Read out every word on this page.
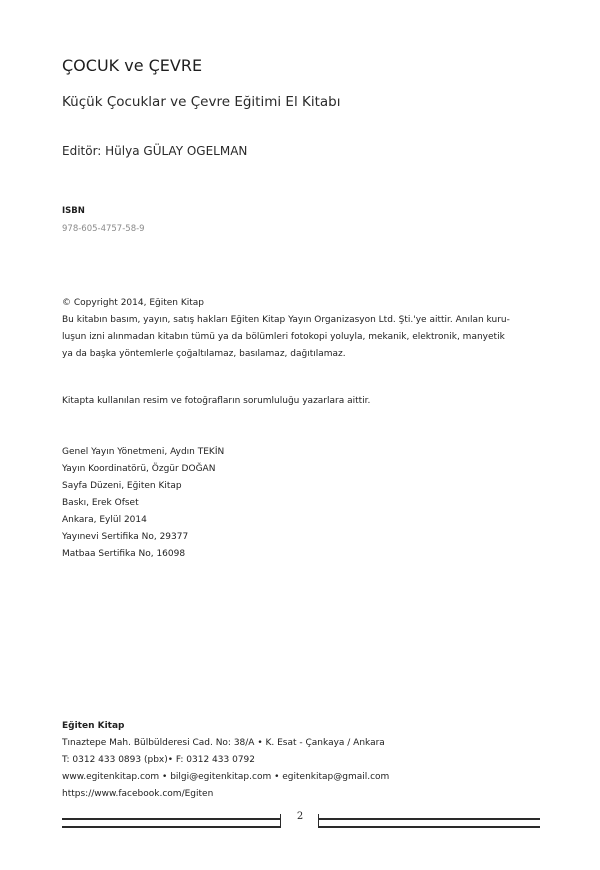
ÇOCUK ve ÇEVRE
Küçük Çocuklar ve Çevre Eğitimi El Kitabı
Editör: Hülya GÜLAY OGELMAN
ISBN
978-605-4757-58-9
© Copyright 2014, Eğiten Kitap
Bu kitabın basım, yayın, satış hakları Eğiten Kitap Yayın Organizasyon Ltd. Şti.'ye aittir. Anılan kuru-
luşun izni alınmadan kitabın tümü ya da bölümleri fotokopi yoluyla, mekanik, elektronik, manyetik
ya da başka yöntemlerle çoğaltılamaz, basılamaz, dağıtılamaz.
Kitapta kullanılan resim ve fotoğrafların sorumluluğu yazarlara aittir.
Genel Yayın Yönetmeni, Aydın TEKİN
Yayın Koordinatörü, Özgür DOĞAN
Sayfa Düzeni, Eğiten Kitap
Baskı, Erek Ofset
Ankara, Eylül 2014
Yayınevi Sertifika No, 29377
Matbaa Sertifika No, 16098
Eğiten Kitap
Tınaztepe Mah. Bülbülderesi Cad. No: 38/A • K. Esat - Çankaya / Ankara
T: 0312 433 0893 (pbx)• F: 0312 433 0792
www.egitenkitap.com • bilgi@egitenkitap.com • egitenkitap@gmail.com
https://www.facebook.com/Egiten
2
